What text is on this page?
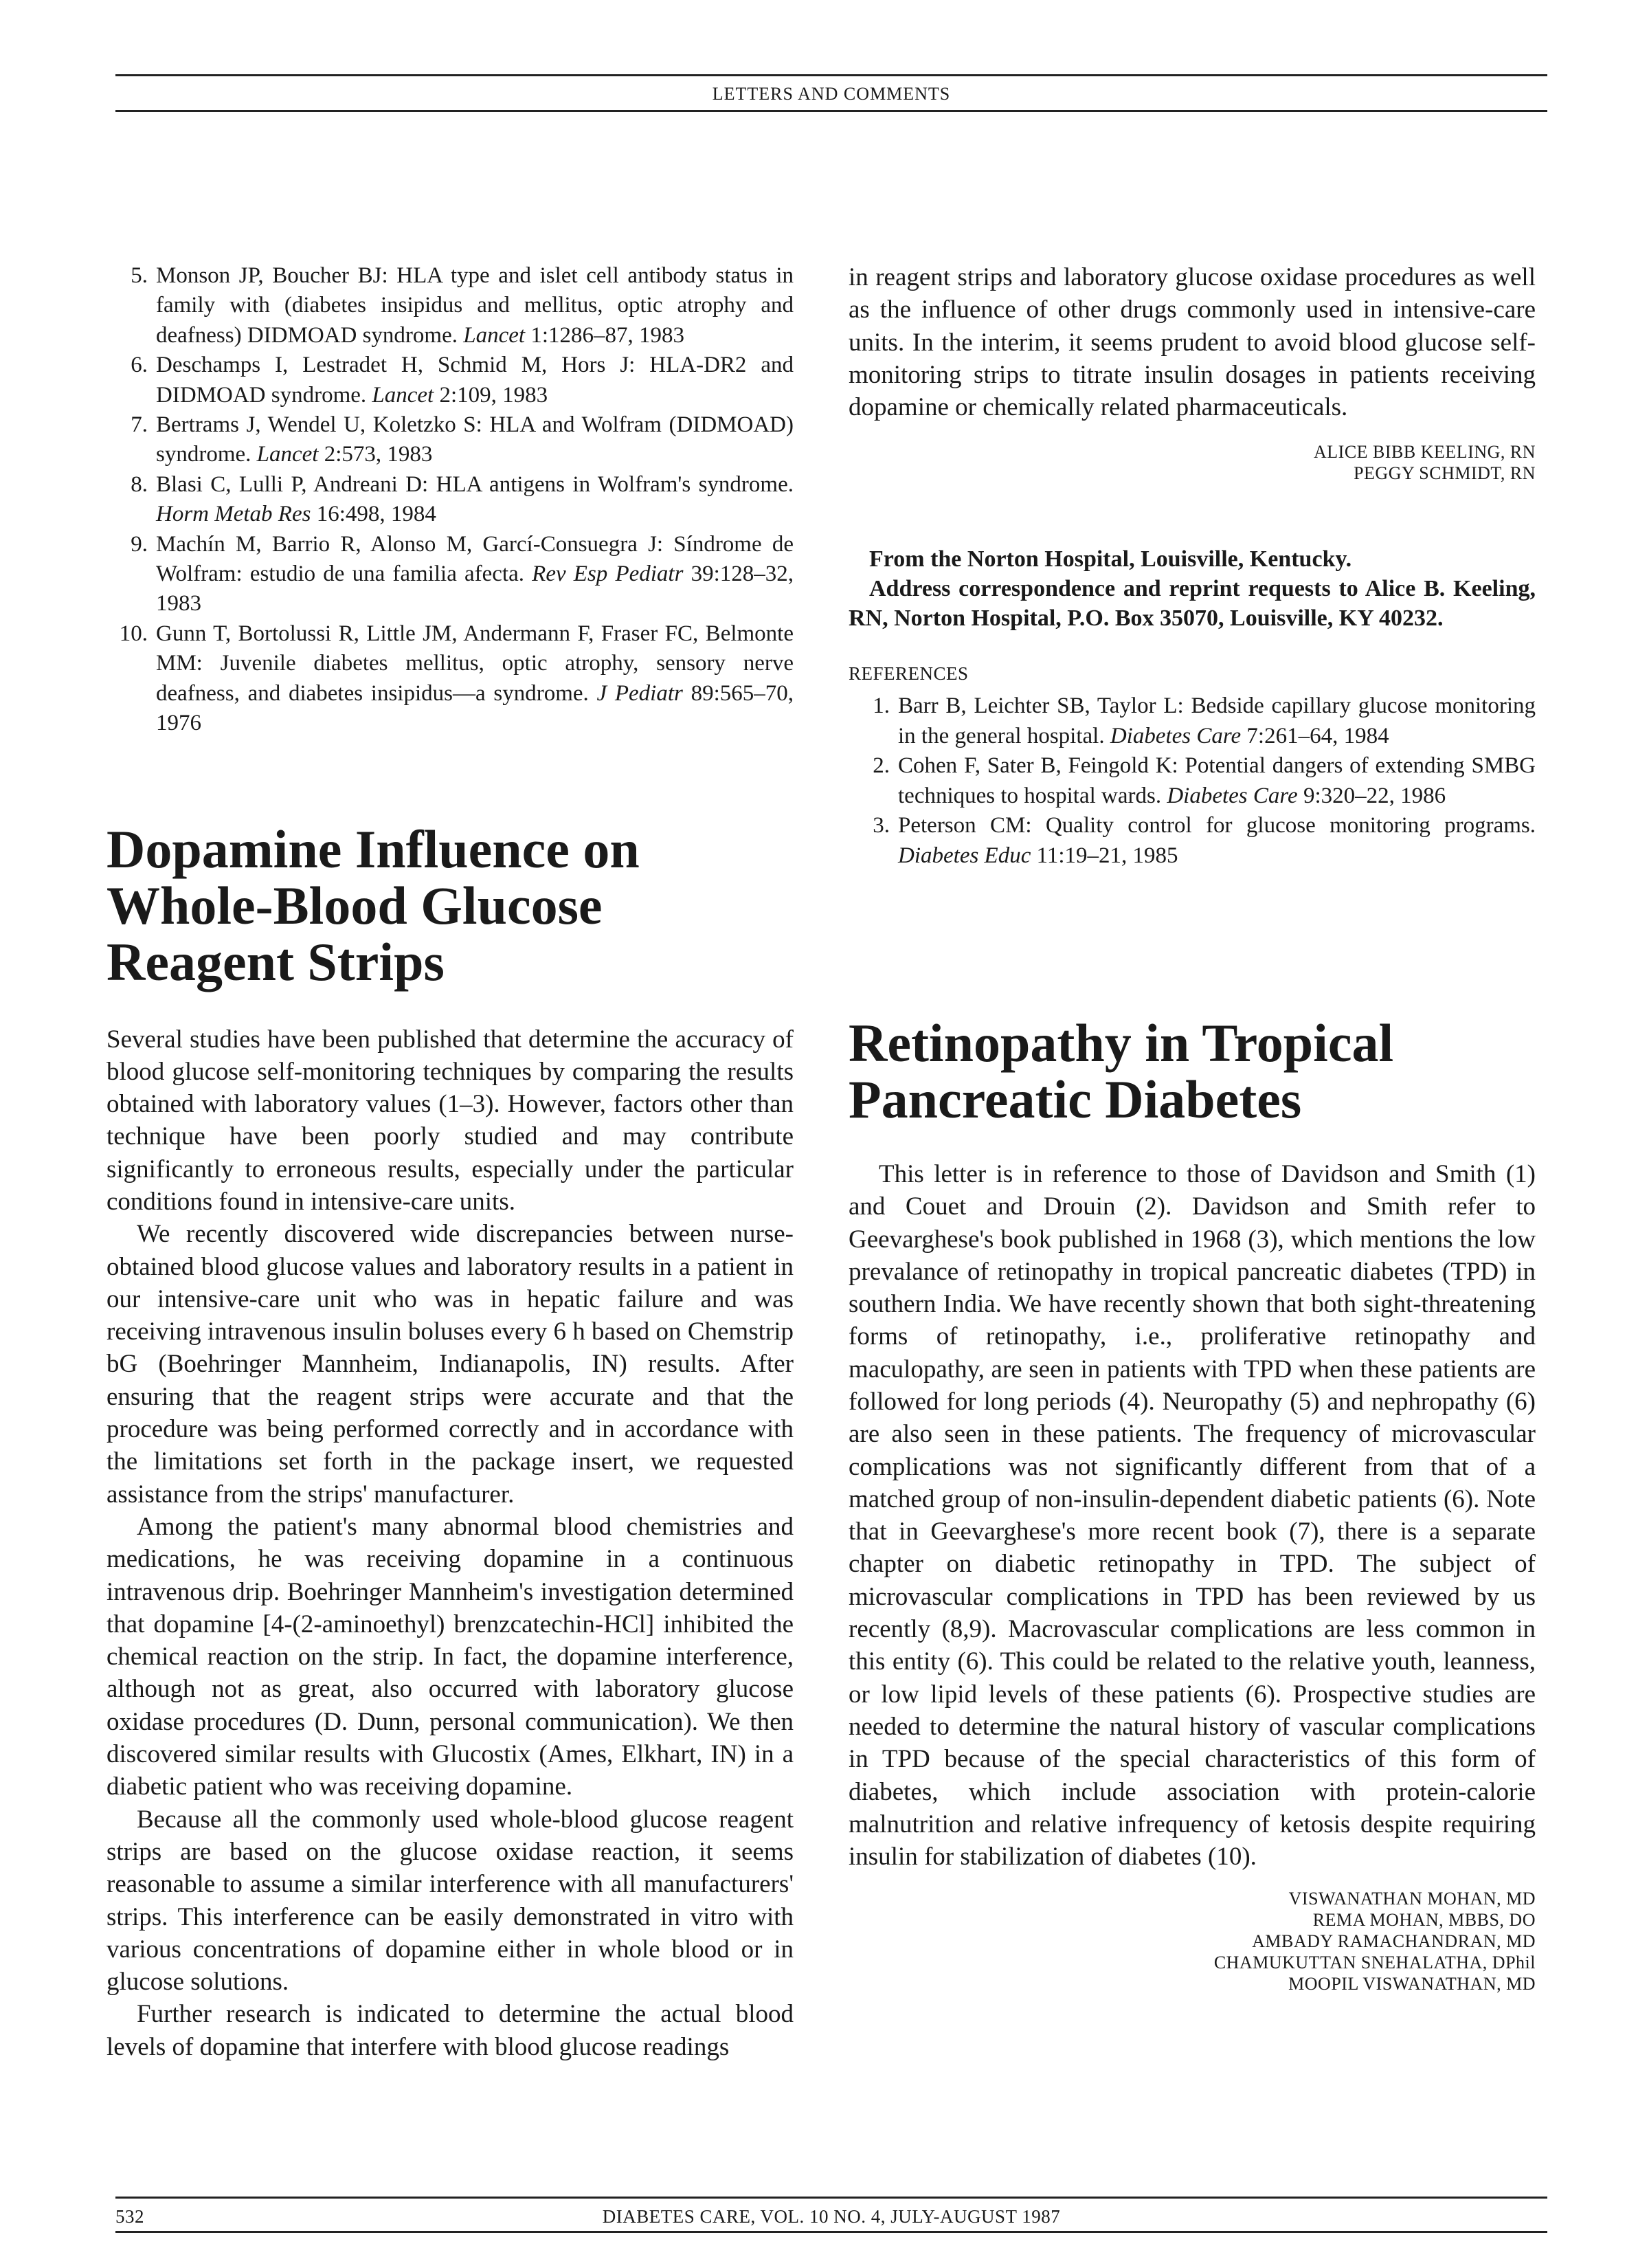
LETTERS AND COMMENTS
5. Monson JP, Boucher BJ: HLA type and islet cell antibody status in family with (diabetes insipidus and mellitus, optic atrophy and deafness) DIDMOAD syndrome. Lancet 1:1286–87, 1983
6. Deschamps I, Lestradet H, Schmid M, Hors J: HLA-DR2 and DIDMOAD syndrome. Lancet 2:109, 1983
7. Bertrams J, Wendel U, Koletzko S: HLA and Wolfram (DIDMOAD) syndrome. Lancet 2:573, 1983
8. Blasi C, Lulli P, Andreani D: HLA antigens in Wolfram's syndrome. Horm Metab Res 16:498, 1984
9. Machín M, Barrio R, Alonso M, Garcí-Consuegra J: Síndrome de Wolfram: estudio de una familia afecta. Rev Esp Pediatr 39:128–32, 1983
10. Gunn T, Bortolussi R, Little JM, Andermann F, Fraser FC, Belmonte MM: Juvenile diabetes mellitus, optic atrophy, sensory nerve deafness, and diabetes insipidus—a syndrome. J Pediatr 89:565–70, 1976
Dopamine Influence on
Whole-Blood Glucose
Reagent Strips

Several studies have been published that determine the accuracy of blood glucose self-monitoring techniques by comparing the results obtained with laboratory values (1–3). However, factors other than technique have been poorly studied and may contribute significantly to erroneous results, especially under the particular conditions found in intensive-care units.

We recently discovered wide discrepancies between nurse-obtained blood glucose values and laboratory results in a patient in our intensive-care unit who was in hepatic failure and was receiving intravenous insulin boluses every 6 h based on Chemstrip bG (Boehringer Mannheim, Indianapolis, IN) results. After ensuring that the reagent strips were accurate and that the procedure was being performed correctly and in accordance with the limitations set forth in the package insert, we requested assistance from the strips' manufacturer.

Among the patient's many abnormal blood chemistries and medications, he was receiving dopamine in a continuous intravenous drip. Boehringer Mannheim's investigation determined that dopamine [4-(2-aminoethyl) brenzcatechin-HCl] inhibited the chemical reaction on the strip. In fact, the dopamine interference, although not as great, also occurred with laboratory glucose oxidase procedures (D. Dunn, personal communication). We then discovered similar results with Glucostix (Ames, Elkhart, IN) in a diabetic patient who was receiving dopamine.

Because all the commonly used whole-blood glucose reagent strips are based on the glucose oxidase reaction, it seems reasonable to assume a similar interference with all manufacturers' strips. This interference can be easily demonstrated in vitro with various concentrations of dopamine either in whole blood or in glucose solutions.

Further research is indicated to determine the actual blood levels of dopamine that interfere with blood glucose readings

in reagent strips and laboratory glucose oxidase procedures as well as the influence of other drugs commonly used in intensive-care units. In the interim, it seems prudent to avoid blood glucose self-monitoring strips to titrate insulin dosages in patients receiving dopamine or chemically related pharmaceuticals.

ALICE BIBB KEELING, RN
PEGGY SCHMIDT, RN

From the Norton Hospital, Louisville, Kentucky.

Address correspondence and reprint requests to Alice B. Keeling, RN, Norton Hospital, P.O. Box 35070, Louisville, KY 40232.

REFERENCES

1. Barr B, Leichter SB, Taylor L: Bedside capillary glucose monitoring in the general hospital. Diabetes Care 7:261–64, 1984
2. Cohen F, Sater B, Feingold K: Potential dangers of extending SMBG techniques to hospital wards. Diabetes Care 9:320–22, 1986
3. Peterson CM: Quality control for glucose monitoring programs. Diabetes Educ 11:19–21, 1985
Retinopathy in Tropical
Pancreatic Diabetes

This letter is in reference to those of Davidson and Smith (1) and Couet and Drouin (2). Davidson and Smith refer to Geevarghese's book published in 1968 (3), which mentions the low prevalance of retinopathy in tropical pancreatic diabetes (TPD) in southern India. We have recently shown that both sight-threatening forms of retinopathy, i.e., proliferative retinopathy and maculopathy, are seen in patients with TPD when these patients are followed for long periods (4). Neuropathy (5) and nephropathy (6) are also seen in these patients. The frequency of microvascular complications was not significantly different from that of a matched group of non-insulin-dependent diabetic patients (6). Note that in Geevarghese's more recent book (7), there is a separate chapter on diabetic retinopathy in TPD. The subject of microvascular complications in TPD has been reviewed by us recently (8,9). Macrovascular complications are less common in this entity (6). This could be related to the relative youth, leanness, or low lipid levels of these patients (6). Prospective studies are needed to determine the natural history of vascular complications in TPD because of the special characteristics of this form of diabetes, which include association with protein-calorie malnutrition and relative infrequency of ketosis despite requiring insulin for stabilization of diabetes (10).

VISWANATHAN MOHAN, MD
REMA MOHAN, MBBS, DO
AMBADY RAMACHANDRAN, MD
CHAMUKUTTAN SNEHALATHA, DPhil
MOOPIL VISWANATHAN, MD
532	DIABETES CARE, VOL. 10 NO. 4, JULY-AUGUST 1987
